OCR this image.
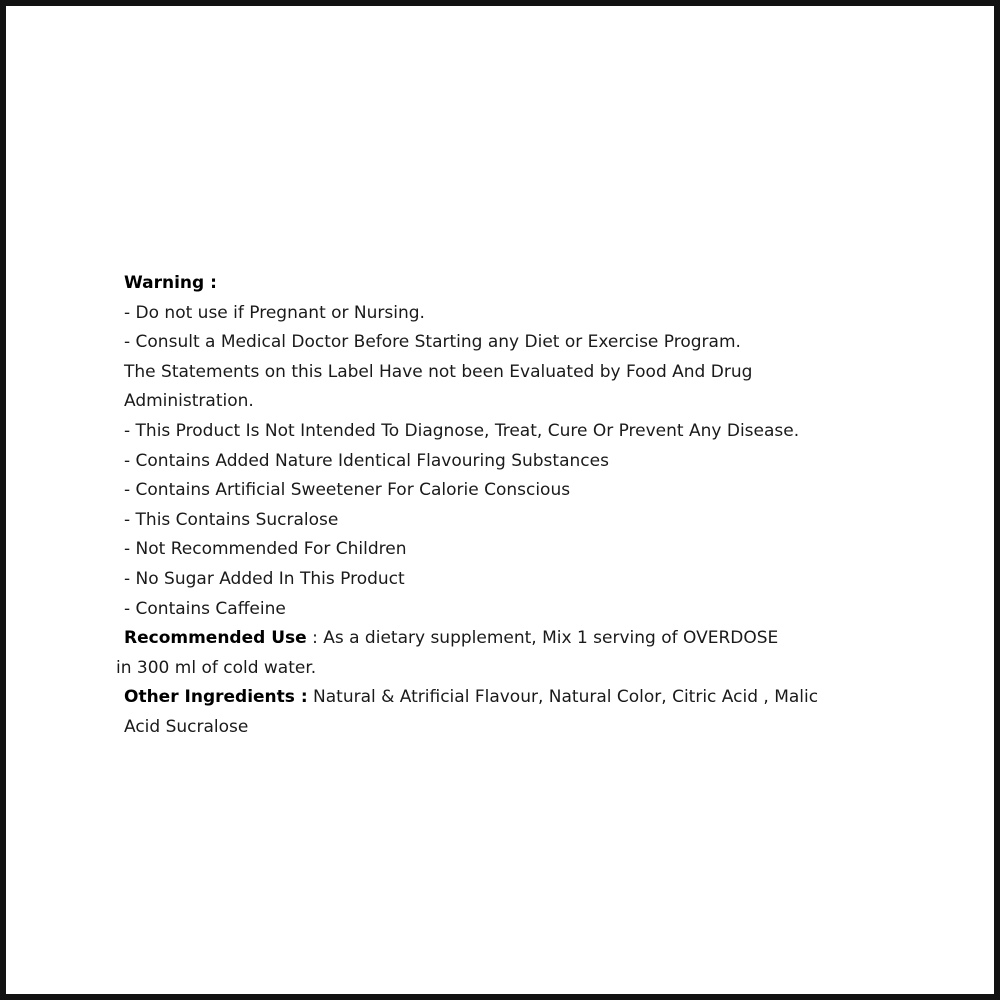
Warning :
- Do not use if Pregnant or Nursing.
- Consult a Medical Doctor Before Starting any Diet or Exercise Program.
The Statements on this Label Have not been Evaluated by Food And Drug
Administration.
- This Product Is Not Intended To Diagnose, Treat, Cure Or Prevent Any Disease.
- Contains Added Nature Identical Flavouring Substances
- Contains Artificial Sweetener For Calorie Conscious
- This Contains Sucralose
- Not Recommended For Children
- No Sugar Added In This Product
- Contains Caffeine
Recommended Use : As a dietary supplement, Mix 1 serving of OVERDOSE
in 300 ml of cold water.
Other Ingredients : Natural & Atrificial Flavour, Natural Color, Citric Acid , Malic
Acid Sucralose
